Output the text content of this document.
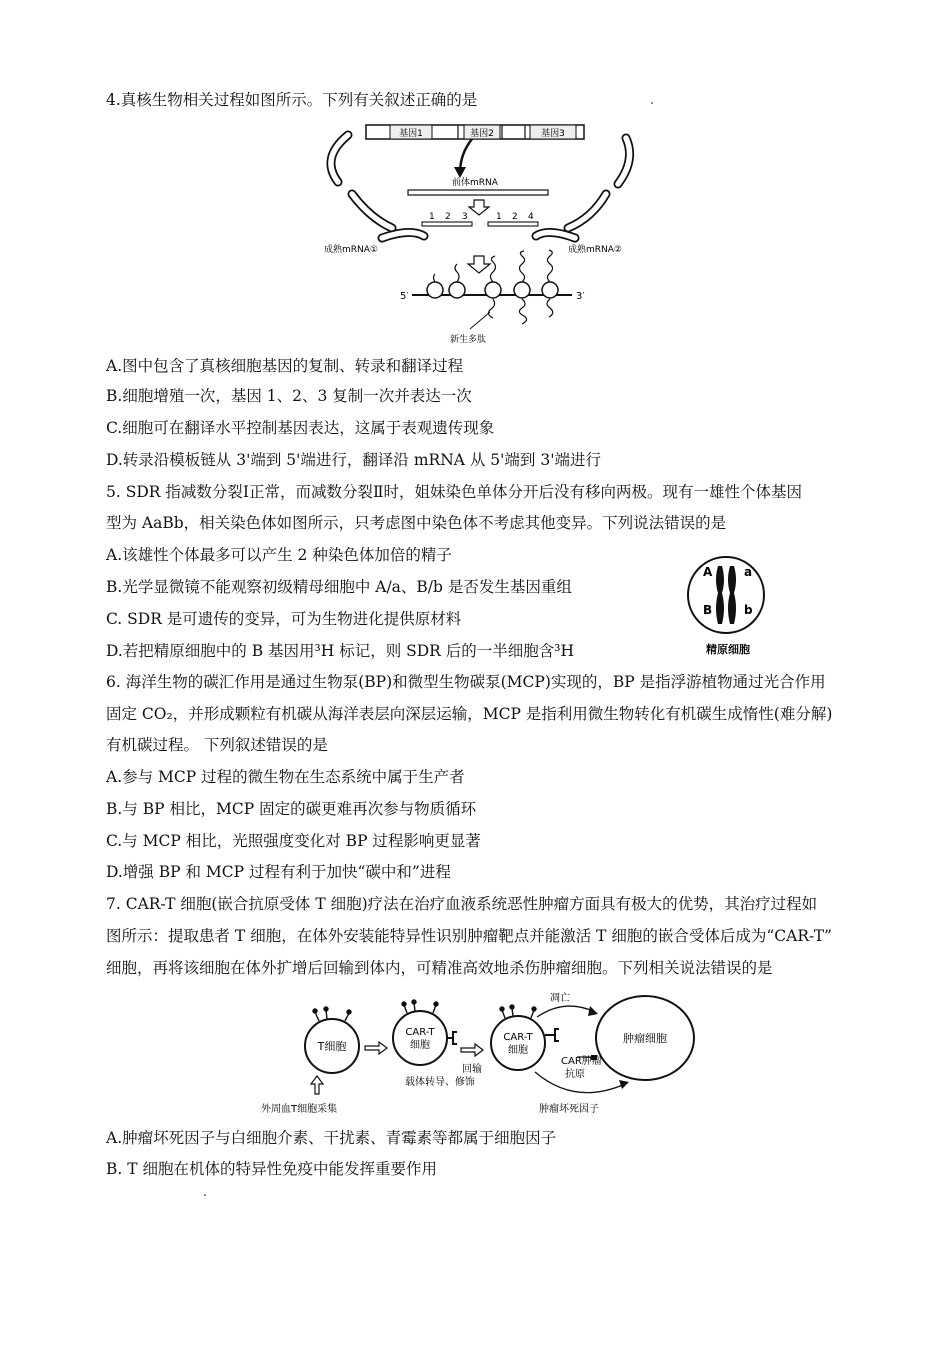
4.真核生物相关过程如图所示。下列有关叙述正确的是
基因1	基因2	基因3
前体mRNA
1 2 3	1 2 4
成熟mRNA①	成熟mRNA②
5′	3′
新生多肽
A.图中包含了真核细胞基因的复制、转录和翻译过程
B.细胞增殖一次，基因 1、2、3 复制一次并表达一次
C.细胞可在翻译水平控制基因表达，这属于表观遗传现象
D.转录沿模板链从 3'端到 5'端进行，翻译沿 mRNA 从 5'端到 3'端进行
5. SDR 指减数分裂Ⅰ正常，而减数分裂Ⅱ时，姐妹染色单体分开后没有移向两极。现有一雄性个体基因
型为 AaBb，相关染色体如图所示，只考虑图中染色体不考虑其他变异。下列说法错误的是
A.该雄性个体最多可以产生 2 种染色体加倍的精子
B.光学显微镜不能观察初级精母细胞中 A/a、B/b 是否发生基因重组
C. SDR 是可遗传的变异，可为生物进化提供原材料
D.若把精原细胞中的 B 基因用³H 标记，则 SDR 后的一半细胞含³H
A	a
B	b
精原细胞
6. 海洋生物的碳汇作用是通过生物泵(BP)和微型生物碳泵(MCP)实现的，BP 是指浮游植物通过光合作用
固定 CO₂，并形成颗粒有机碳从海洋表层向深层运输，MCP 是指利用微生物转化有机碳生成惰性(难分解)
有机碳过程。 下列叙述错误的是
A.参与 MCP 过程的微生物在生态系统中属于生产者
B.与 BP 相比，MCP 固定的碳更难再次参与物质循环
C.与 MCP 相比，光照强度变化对 BP 过程影响更显著
D.增强 BP 和 MCP 过程有利于加快“碳中和”进程
7. CAR-T 细胞(嵌合抗原受体 T 细胞)疗法在治疗血液系统恶性肿瘤方面具有极大的优势，其治疗过程如
图所示：提取患者 T 细胞，在体外安装能特异性识别肿瘤靶点并能激活 T 细胞的嵌合受体后成为“CAR-T”
细胞，再将该细胞在体外扩增后回输到体内，可精准高效地杀伤肿瘤细胞。下列相关说法错误的是
T细胞
CAR-T
细胞
载体转导、修饰
回输
CAR-T
细胞
肿瘤细胞
凋亡
CAR肿瘤
抗原
肿瘤坏死因子
外周血T细胞采集
A.肿瘤坏死因子与白细胞介素、干扰素、青霉素等都属于细胞因子
B. T 细胞在机体的特异性免疫中能发挥重要作用
